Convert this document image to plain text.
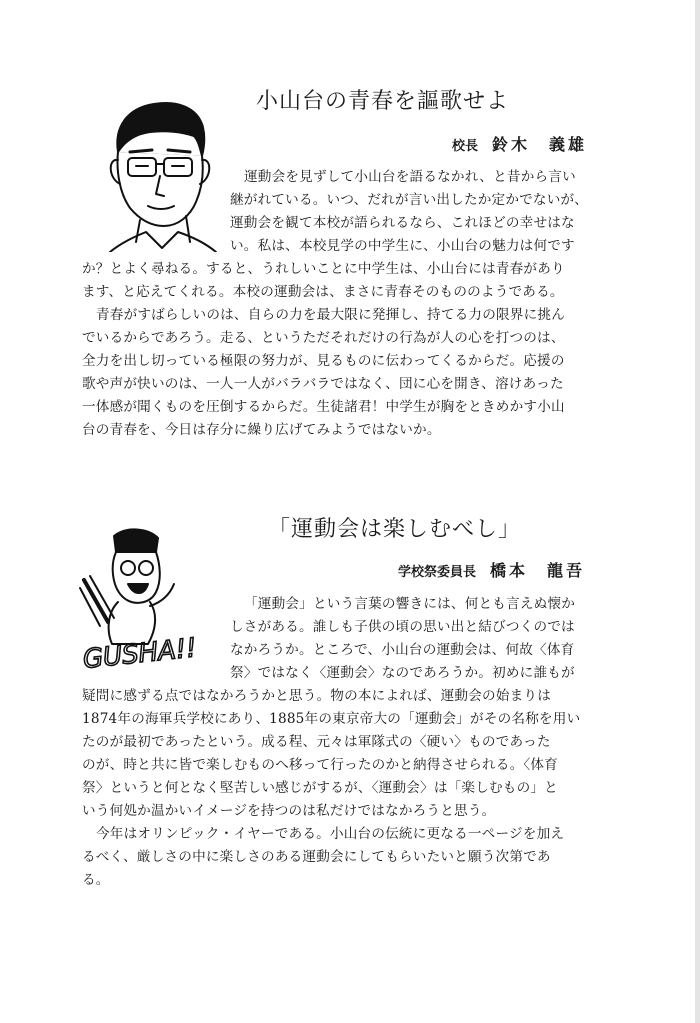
小山台の青春を謳歌せよ
校長 鈴木　義雄
運動会を見ずして小山台を語るなかれ、と昔から言い
継がれている。いつ、だれが言い出したか定かでないが、
運動会を観て本校が語られるなら、これほどの幸せはな
い。私は、本校見学の中学生に、小山台の魅力は何です
か？とよく尋ねる。すると、うれしいことに中学生は、小山台には青春があり
ます、と応えてくれる。本校の運動会は、まさに青春そのもののようである。
青春がすばらしいのは、自らの力を最大限に発揮し、持てる力の限界に挑ん
でいるからであろう。走る、というただそれだけの行為が人の心を打つのは、
全力を出し切っている極限の努力が、見るものに伝わってくるからだ。応援の
歌や声が快いのは、一人一人がバラバラではなく、団に心を開き、溶けあった
一体感が聞くものを圧倒するからだ。生徒諸君！中学生が胸をときめかす小山
台の青春を、今日は存分に繰り広げてみようではないか。
「運動会は楽しむべし」
学校祭委員長 橋本　龍吾
GUSHA!!
「運動会」という言葉の響きには、何とも言えぬ懐か
しさがある。誰しも子供の頃の思い出と結びつくのでは
なかろうか。ところで、小山台の運動会は、何故〈体育
祭〉ではなく〈運動会〉なのであろうか。初めに誰もが
疑問に感ずる点ではなかろうかと思う。物の本によれば、運動会の始まりは
1874年の海軍兵学校にあり、1885年の東京帝大の「運動会」がその名称を用い
たのが最初であったという。成る程、元々は軍隊式の〈硬い〉ものであった
のが、時と共に皆で楽しむものへ移って行ったのかと納得させられる。〈体育
祭〉というと何となく堅苦しい感じがするが、〈運動会〉は「楽しむもの」と
いう何処か温かいイメージを持つのは私だけではなかろうと思う。
今年はオリンピック・イヤーである。小山台の伝統に更なる一ページを加え
るべく、厳しさの中に楽しさのある運動会にしてもらいたいと願う次第であ
る。
